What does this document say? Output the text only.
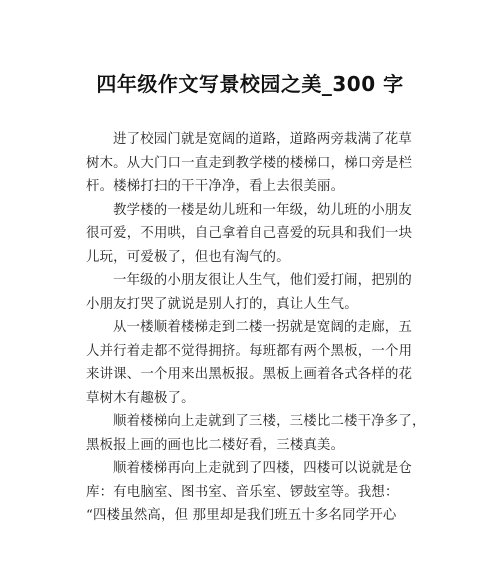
四年级作文写景校园之美_300 字

进了校园门就是宽阔的道路，道路两旁栽满了花草
树木。从大门口一直走到教学楼的楼梯口，梯口旁是栏
杆。楼梯打扫的干干净净，看上去很美丽。

教学楼的一楼是幼儿班和一年级，幼儿班的小朋友
很可爱，不用哄，自己拿着自己喜爱的玩具和我们一块
儿玩，可爱极了，但也有淘气的。

一年级的小朋友很让人生气，他们爱打闹，把别的
小朋友打哭了就说是别人打的，真让人生气。

从一楼顺着楼梯走到二楼一拐就是宽阔的走廊，五
人并行着走都不觉得拥挤。每班都有两个黑板，一个用
来讲课、一个用来出黑板报。黑板上画着各式各样的花
草树木有趣极了。

顺着楼梯向上走就到了三楼，三楼比二楼干净多了，
黑板报上画的画也比二楼好看，三楼真美。

顺着楼梯再向上走就到了四楼，四楼可以说就是仓
库：有电脑室、图书室、音乐室、锣鼓室等。我想：
“四楼虽然高，但 那里却是我们班五十多名同学开心
